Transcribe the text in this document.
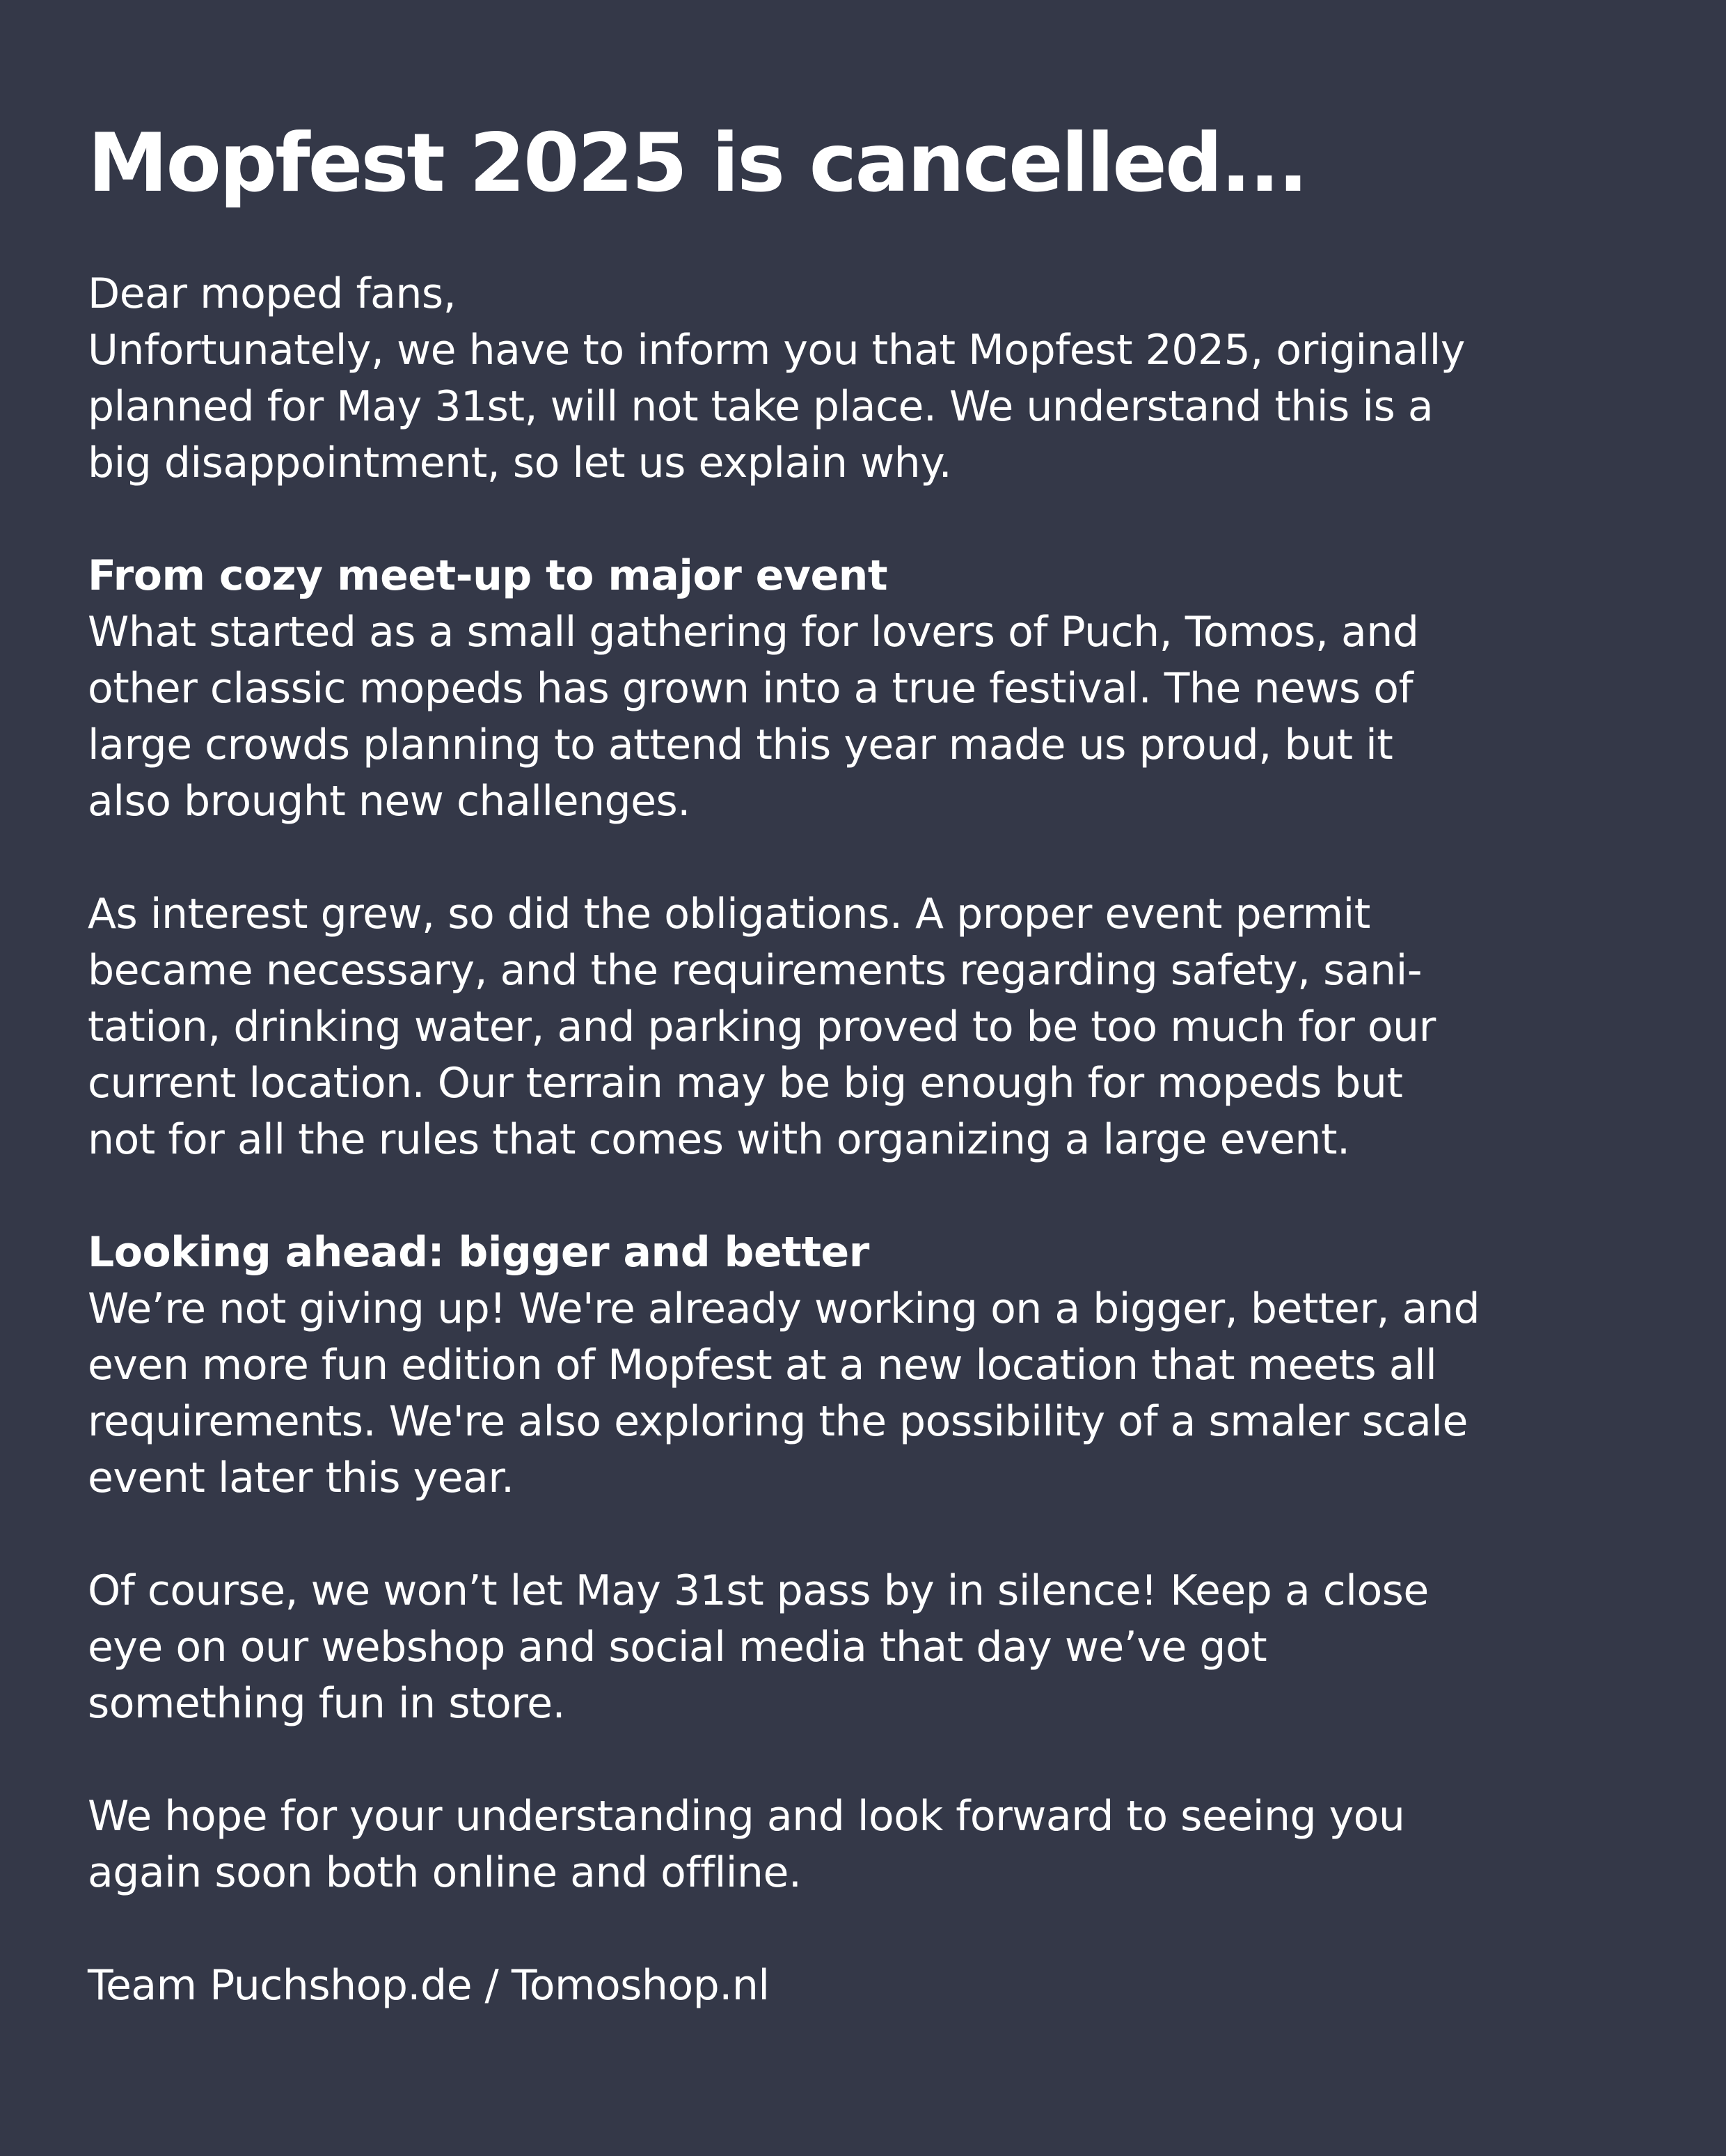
Mopfest 2025 is cancelled...
Dear moped fans,
Unfortunately, we have to inform you that Mopfest 2025, originally
planned for May 31st, will not take place. We understand this is a
big disappointment, so let us explain why.
From cozy meet-up to major event
What started as a small gathering for lovers of Puch, Tomos, and
other classic mopeds has grown into a true festival. The news of
large crowds planning to attend this year made us proud, but it
also brought new challenges.
As interest grew, so did the obligations. A proper event permit
became necessary, and the requirements regarding safety, sani-
tation, drinking water, and parking proved to be too much for our
current location. Our terrain may be big enough for mopeds but
not for all the rules that comes with organizing a large event.
Looking ahead: bigger and better
We’re not giving up! We're already working on a bigger, better, and
even more fun edition of Mopfest at a new location that meets all
requirements. We're also exploring the possibility of a smaler scale
event later this year.
Of course, we won’t let May 31st pass by in silence! Keep a close
eye on our webshop and social media that day we’ve got
something fun in store.
We hope for your understanding and look forward to seeing you
again soon both online and offline.
Team Puchshop.de / Tomoshop.nl
